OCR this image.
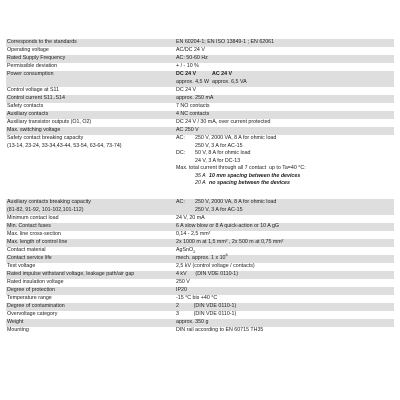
Corresponds to the standards	EN 60204-1; EN ISO 13849-1 ; EN 62061
Operating voltage	AC/DC 24 V
Rated Supply Frequency	AC: 50-60 Hz
Permissible deviation	+ / - 10 %
Power consumption	DC 24 V	AC 24 V
approx. 4,5 W approx. 6,5 VA
Control voltage at S11	DC 24 V
Control current S11..S14	approx. 250 mA
Safety contacts	7 NO contacts
Auxiliary contacts	4 NC contacts
Auxiliary transistor outputs (O1, O2)	DC 24 V / 30 mA, over current protected
Max. switching voltage	AC 250 V
Safety contact breaking capacity
(13-14, 23-24, 33-34,43-44, 53-54, 63-64, 73-74)
AC: 250 V, 2000 VA, 8 A for ohmic load
250 V, 3 A for AC-15
DC: 50 V, 8 A for ohmic load
24 V, 3 A for DC-13
Max. total current through all 7 contact  up to Ta=40 °C:
35 A 10 mm spacing between the devices
20 A no spacing between the devices
Auxiliary contacts breaking capacity
(81-82, 91-92, 101-102,101-112)
AC: 250 V, 2000 VA, 8 A for ohmic load
250 V, 3 A for AC-15
Minimum contact load	24 V, 20 mA
Min. Contact fuses	6 A slow blow or 8 A quick-action or 10 A gG
Max. line cross-section	0,14 - 2,5 mm²
Max. length of control line	2x 1000 m at 1,5 mm² , 2x 500 m at 0,75 mm²
Contact material	AgSnO$_2$
Contact service life	mech. approx. 1 x $10^6$
Test voltage	2,5 kV (control voltage / contacts)
Rated impulse withstand voltage, leakage path/air gap	4 kV      (DIN VDE 0110-1)
Rated insulation voltage	250 V
Degree of protection	IP20
Temperature range	-15 °C bis +40 °C
Degree of contamination	2          (DIN VDE 0110-1)
Overvoltage category	3          (DIN VDE 0110-1)
Weight	approx. 350 g
Mounting	DIN rail according to EN 60715 TH35
